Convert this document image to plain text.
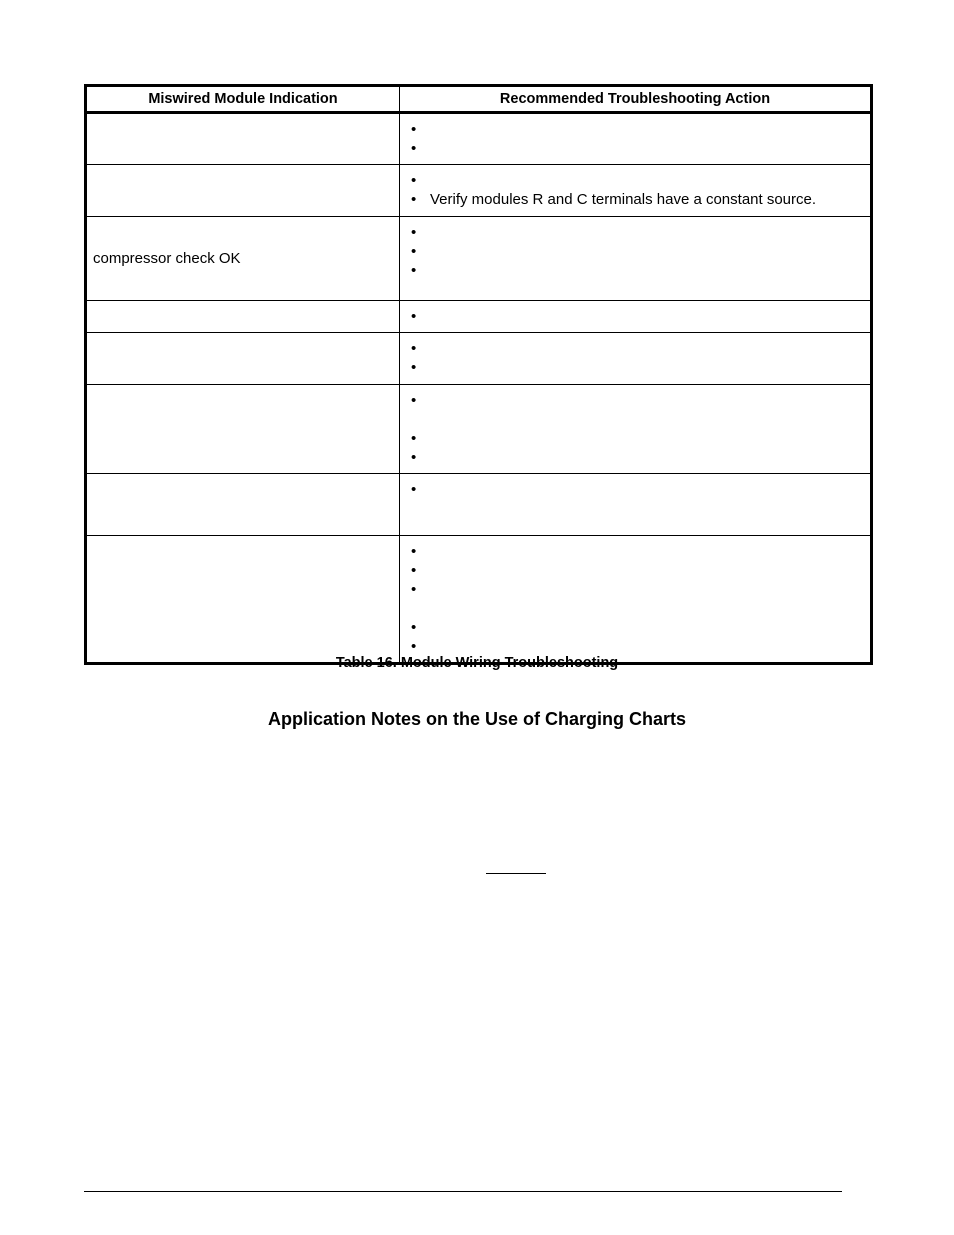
Miswired Module Indication	Recommended Troubleshooting Action

	•
•

	•
• Verify modules R and C terminals have a constant source.

compressor check OK	•
•
•

	•

	•
•

	•
•
•

	•

	•
•
•
•
•
Table 16. Module Wiring Troubleshooting
Application Notes on the Use of Charging Charts
